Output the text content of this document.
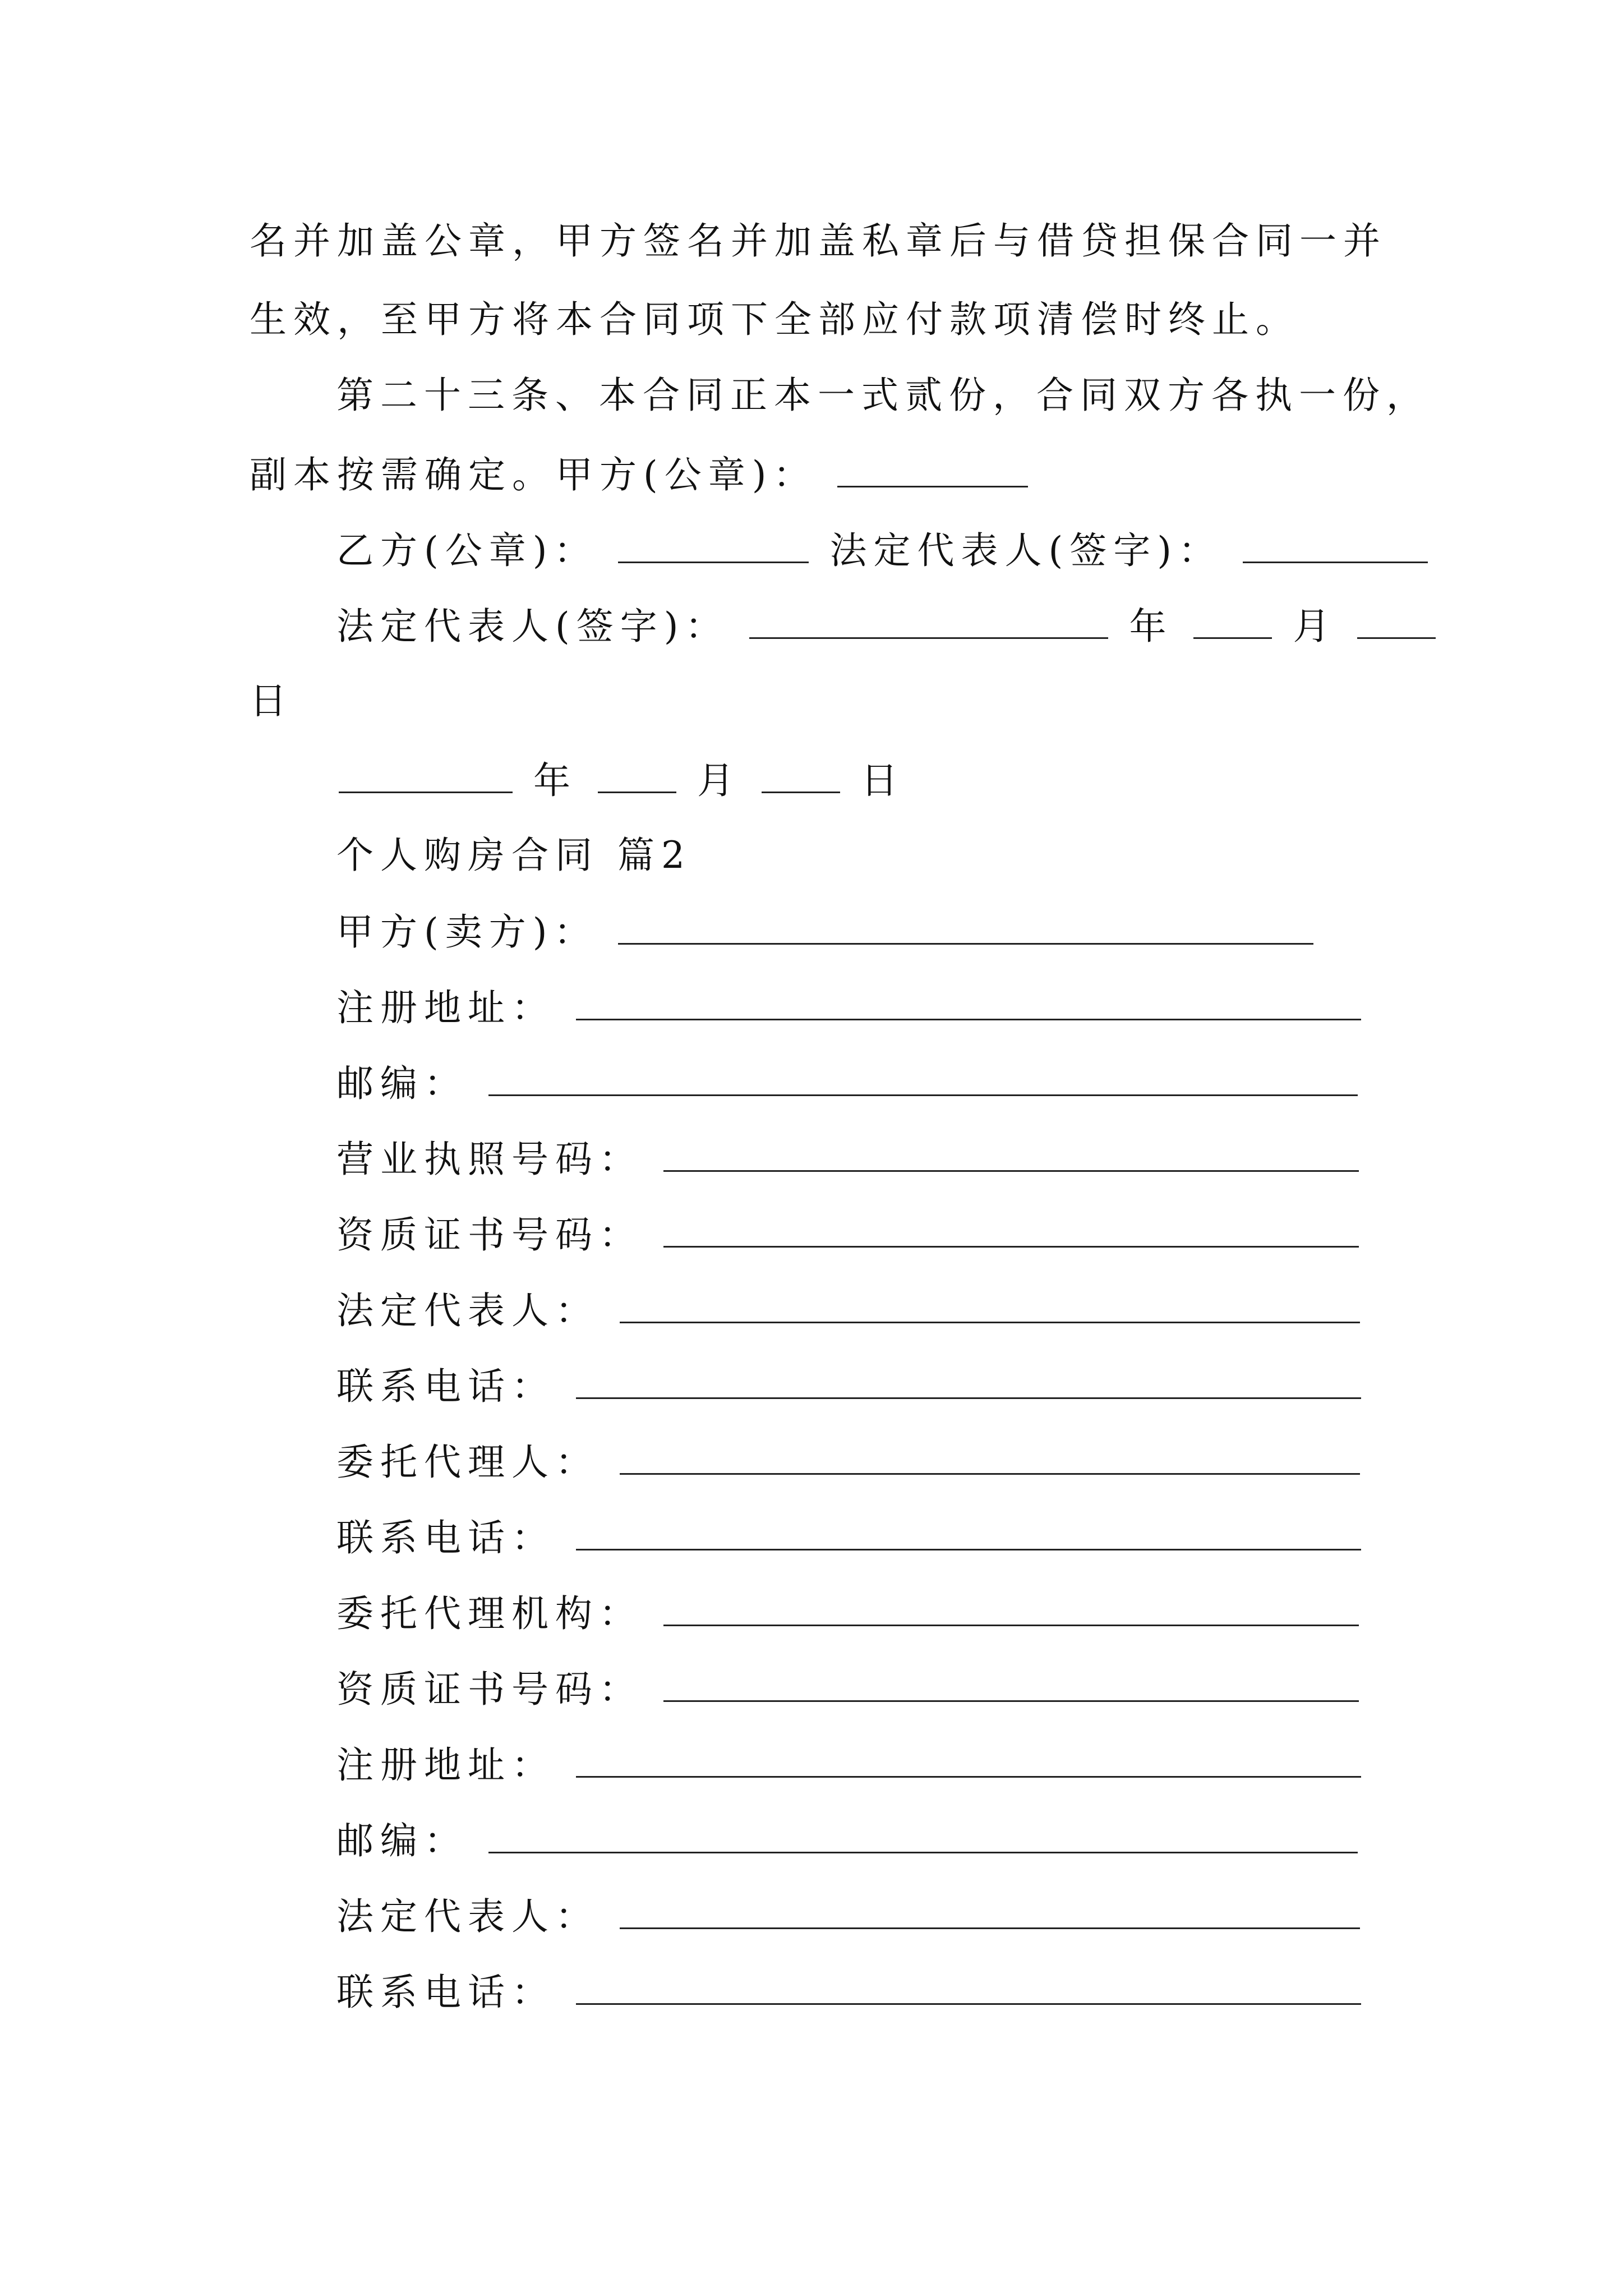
名并加盖公章，甲方签名并加盖私章后与借贷担保合同一并
生效，至甲方将本合同项下全部应付款项清偿时终止。
第二十三条、本合同正本一式贰份，合同双方各执一份，
副本按需确定。甲方(公章)：
乙方(公章)：	法定代表人(签字)：
法定代表人(签字)：	年	月
日
年	月	日
个人购房合同 篇2
甲方(卖方)：
注册地址：
邮编：
营业执照号码：
资质证书号码：
法定代表人：
联系电话：
委托代理人：
联系电话：
委托代理机构：
资质证书号码：
注册地址：
邮编：
法定代表人：
联系电话：
